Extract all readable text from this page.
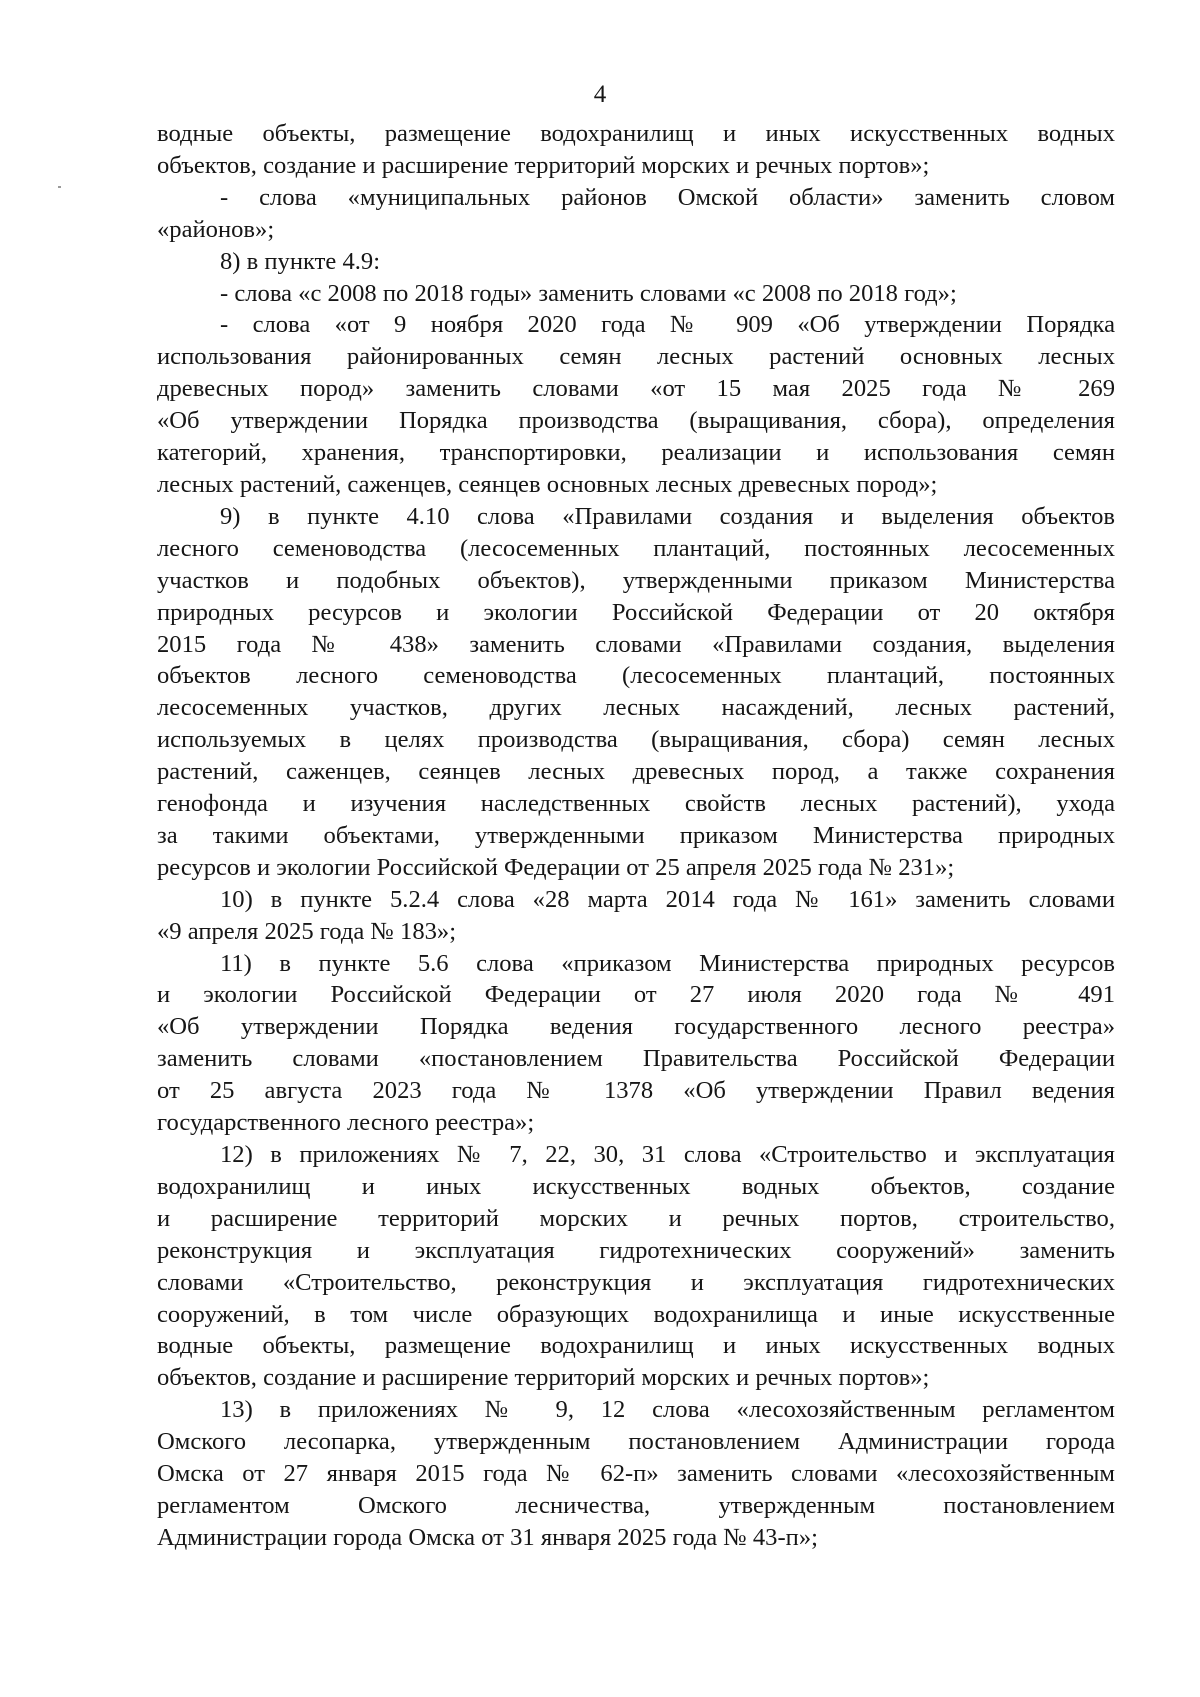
4
водные объекты, размещение водохранилищ и иных искусственных водных
объектов, создание и расширение территорий морских и речных портов»;
- слова «муниципальных районов Омской области» заменить словом
«районов»;
8) в пункте 4.9:
- слова «с 2008 по 2018 годы» заменить словами «с 2008 по 2018 год»;
- слова «от 9 ноября 2020 года № 909 «Об утверждении Порядка
использования районированных семян лесных растений основных лесных
древесных пород» заменить словами «от 15 мая 2025 года № 269
«Об утверждении Порядка производства (выращивания, сбора), определения
категорий, хранения, транспортировки, реализации и использования семян
лесных растений, саженцев, сеянцев основных лесных древесных пород»;
9) в пункте 4.10 слова «Правилами создания и выделения объектов
лесного семеноводства (лесосеменных плантаций, постоянных лесосеменных
участков и подобных объектов), утвержденными приказом Министерства
природных ресурсов и экологии Российской Федерации от 20 октября
2015 года № 438» заменить словами «Правилами создания, выделения
объектов лесного семеноводства (лесосеменных плантаций, постоянных
лесосеменных участков, других лесных насаждений, лесных растений,
используемых в целях производства (выращивания, сбора) семян лесных
растений, саженцев, сеянцев лесных древесных пород, а также сохранения
генофонда и изучения наследственных свойств лесных растений), ухода
за такими объектами, утвержденными приказом Министерства природных
ресурсов и экологии Российской Федерации от 25 апреля 2025 года № 231»;
10) в пункте 5.2.4 слова «28 марта 2014 года № 161» заменить словами
«9 апреля 2025 года № 183»;
11) в пункте 5.6 слова «приказом Министерства природных ресурсов
и экологии Российской Федерации от 27 июля 2020 года № 491
«Об утверждении Порядка ведения государственного лесного реестра»
заменить словами «постановлением Правительства Российской Федерации
от 25 августа 2023 года № 1378 «Об утверждении Правил ведения
государственного лесного реестра»;
12) в приложениях № 7, 22, 30, 31 слова «Строительство и эксплуатация
водохранилищ и иных искусственных водных объектов, создание
и расширение территорий морских и речных портов, строительство,
реконструкция и эксплуатация гидротехнических сооружений» заменить
словами «Строительство, реконструкция и эксплуатация гидротехнических
сооружений, в том числе образующих водохранилища и иные искусственные
водные объекты, размещение водохранилищ и иных искусственных водных
объектов, создание и расширение территорий морских и речных портов»;
13) в приложениях № 9, 12 слова «лесохозяйственным регламентом
Омского лесопарка, утвержденным постановлением Администрации города
Омска от 27 января 2015 года № 62-п» заменить словами «лесохозяйственным
регламентом Омского лесничества, утвержденным постановлением
Администрации города Омска от 31 января 2025 года № 43-п»;
